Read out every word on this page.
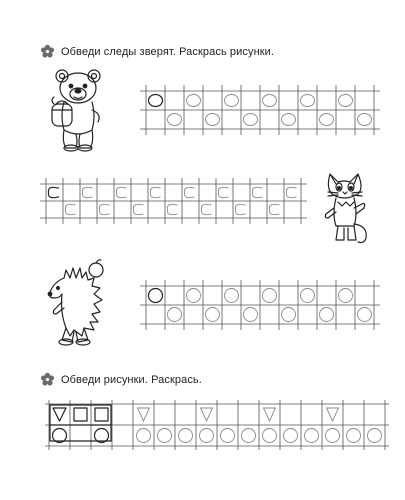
Обведи следы зверят. Раскрась рисунки.
Обведи рисунки. Раскрась.
